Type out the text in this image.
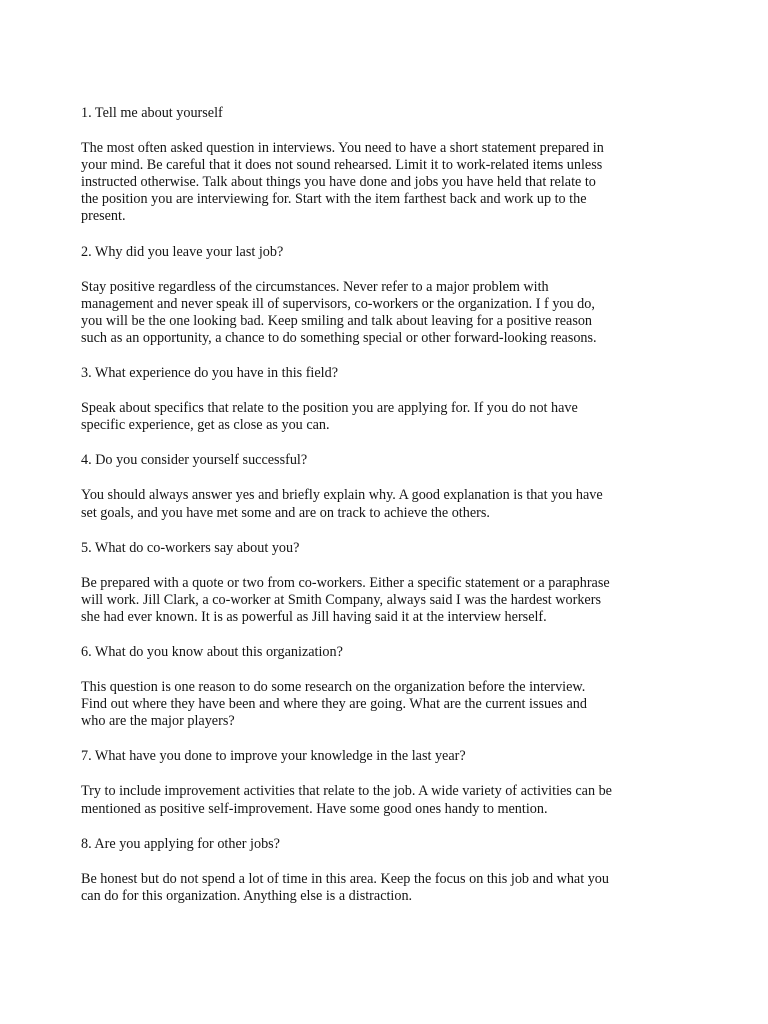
1. Tell me about yourself

The most often asked question in interviews. You need to have a short statement prepared in
your mind. Be careful that it does not sound rehearsed. Limit it to work-related items unless
instructed otherwise. Talk about things you have done and jobs you have held that relate to
the position you are interviewing for. Start with the item farthest back and work up to the
present.

2. Why did you leave your last job?

Stay positive regardless of the circumstances. Never refer to a major problem with
management and never speak ill of supervisors, co-workers or the organization. I f you do,
you will be the one looking bad. Keep smiling and talk about leaving for a positive reason
such as an opportunity, a chance to do something special or other forward-looking reasons.

3. What experience do you have in this field?

Speak about specifics that relate to the position you are applying for. If you do not have
specific experience, get as close as you can.

4. Do you consider yourself successful?

You should always answer yes and briefly explain why. A good explanation is that you have
set goals, and you have met some and are on track to achieve the others.

5. What do co-workers say about you?

Be prepared with a quote or two from co-workers. Either a specific statement or a paraphrase
will work. Jill Clark, a co-worker at Smith Company, always said I was the hardest workers
she had ever known. It is as powerful as Jill having said it at the interview herself.

6. What do you know about this organization?

This question is one reason to do some research on the organization before the interview.
Find out where they have been and where they are going. What are the current issues and
who are the major players?

7. What have you done to improve your knowledge in the last year?

Try to include improvement activities that relate to the job. A wide variety of activities can be
mentioned as positive self-improvement. Have some good ones handy to mention.

8. Are you applying for other jobs?

Be honest but do not spend a lot of time in this area. Keep the focus on this job and what you
can do for this organization. Anything else is a distraction.
